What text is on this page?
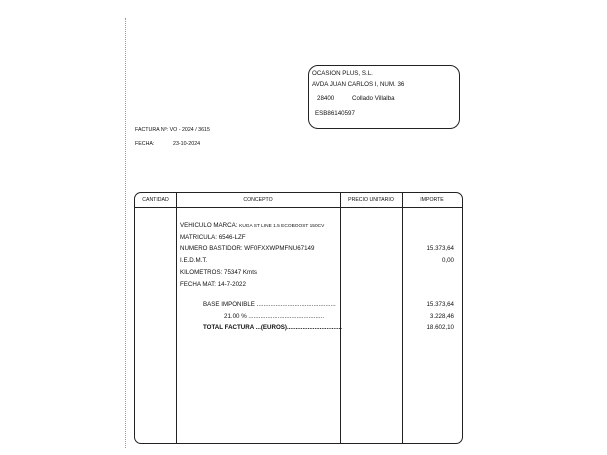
OCASION PLUS, S.L.
AVDA JUAN CARLOS I, NUM. 36
28400	Collado Villalba
ESB86140597
FACTURA Nº: VO - 2024 / 3615
FECHA:	23-10-2024
CANTIDAD	CONCEPTO	PRECIO UNITARIO	IMPORTE
VEHICULO MARCA: KUGA ST LINE 1.5 ECOBOOST 150CV
MATRICULA: 6546-LZF
NUMERO BASTIDOR: WF0FXXWPMFNU67149	15.373,64
I.E.D.M.T.	0,00
KILOMETROS: 75347 Kmts
FECHA MAT: 14-7-2022
BASE IMPONIBLE ..............................................	15.373,64
21.00 % ............................................	3.228,46
TOTAL FACTURA ...(EUROS)................................	18.602,10
